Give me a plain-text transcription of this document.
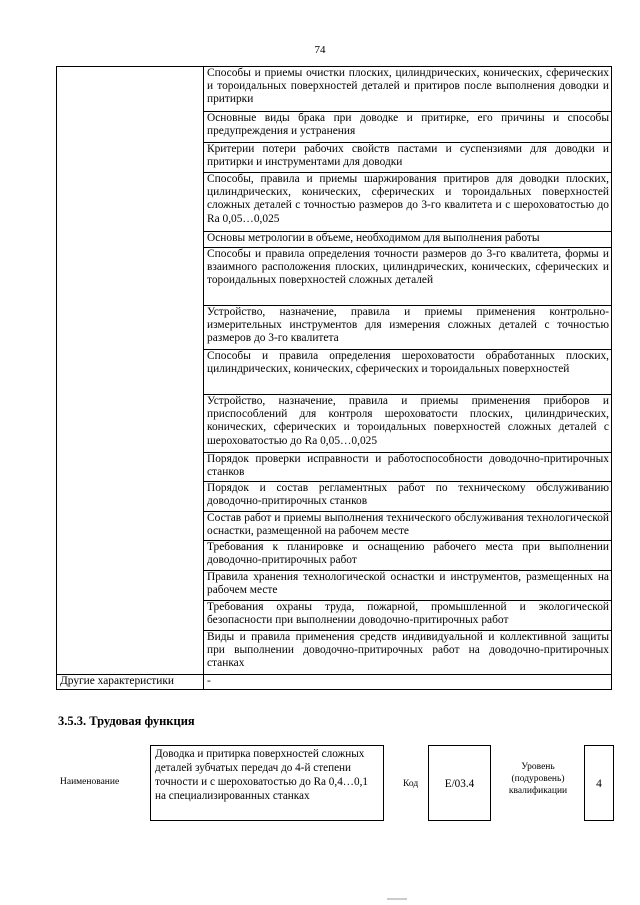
74

	Способы и приемы очистки плоских, цилиндрических, конических, сферических и тороидальных поверхностей деталей и притиров после выполнения доводки и притирки

	Основные виды брака при доводке и притирке, его причины и способы предупреждения и устранения

	Критерии потери рабочих свойств пастами и суспензиями для доводки и притирки и инструментами для доводки

	Способы, правила и приемы шаржирования притиров для доводки плоских, цилиндрических, конических, сферических и тороидальных поверхностей сложных деталей с точностью размеров до 3-го квалитета и с шероховатостью до Ra 0,05…0,025

	Основы метрологии в объеме, необходимом для выполнения работы

	Способы и правила определения точности размеров до 3-го квалитета, формы и взаимного расположения плоских, цилиндрических, конических, сферических и тороидальных поверхностей сложных деталей

	Устройство, назначение, правила и приемы применения контрольно-измерительных инструментов для измерения сложных деталей с точностью размеров до 3-го квалитета

	Способы и правила определения шероховатости обработанных плоских, цилиндрических, конических, сферических и тороидальных поверхностей

	Устройство, назначение, правила и приемы применения приборов и приспособлений для контроля шероховатости плоских, цилиндрических, конических, сферических и тороидальных поверхностей сложных деталей с шероховатостью до Ra 0,05…0,025

	Порядок проверки исправности и работоспособности доводочно-притирочных станков

	Порядок и состав регламентных работ по техническому обслуживанию доводочно-притирочных станков

	Состав работ и приемы выполнения технического обслуживания технологической оснастки, размещенной на рабочем месте

	Требования к планировке и оснащению рабочего места при выполнении доводочно-притирочных работ

	Правила хранения технологической оснастки и инструментов, размещенных на рабочем месте

	Требования охраны труда, пожарной, промышленной и экологической безопасности при выполнении доводочно-притирочных работ

	Виды и правила применения средств индивидуальной и коллективной защиты при выполнении доводочно-притирочных работ на доводочно-притирочных станках

Другие характеристики	-
3.5.3. Трудовая функция
Наименование
Доводка и притирка поверхностей сложных деталей зубчатых передач до 4-й степени точности и с шероховатостью до Ra 0,4…0,1 на специализированных станках
Код	E/03.4
Уровень (подуровень) квалификации
4
